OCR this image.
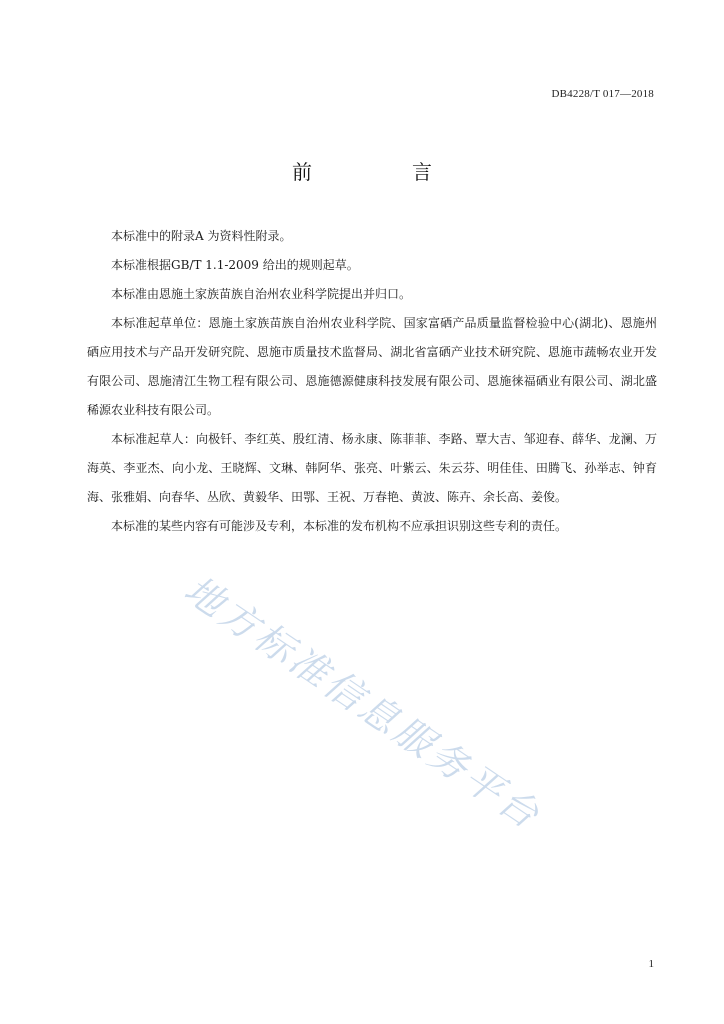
DB4228/T 017—2018
前　言

本标准中的附录A 为资料性附录。

本标准根据GB/T 1.1-2009 给出的规则起草。

本标准由恩施土家族苗族自治州农业科学院提出并归口。

本标准起草单位：恩施土家族苗族自治州农业科学院、国家富硒产品质量监督检验中心(湖北)、恩施州硒应用技术与产品开发研究院、恩施市质量技术监督局、湖北省富硒产业技术研究院、恩施市蔬畅农业开发有限公司、恩施清江生物工程有限公司、恩施德源健康科技发展有限公司、恩施徕福硒业有限公司、湖北盛稀源农业科技有限公司。

本标准起草人：向极钎、李红英、殷红清、杨永康、陈菲菲、李路、覃大吉、邹迎春、薛华、龙澜、万海英、李亚杰、向小龙、王晓辉、文琳、韩阿华、张亮、叶紫云、朱云芬、明佳佳、田腾飞、孙举志、钟育海、张雅娟、向春华、丛欣、黄毅华、田鄂、王祝、万春艳、黄波、陈卉、余长高、姜俊。

本标准的某些内容有可能涉及专利，本标准的发布机构不应承担识别这些专利的责任。

地方标准信息服务平台
1
